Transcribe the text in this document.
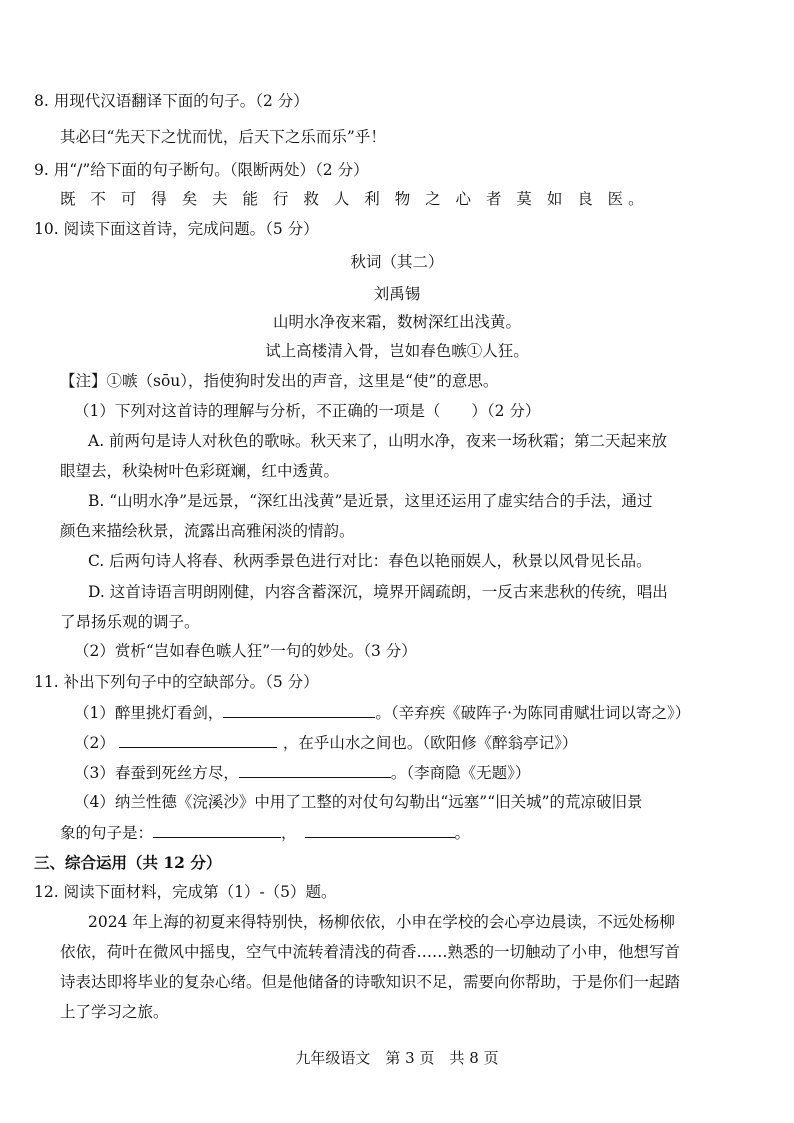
8. 用现代汉语翻译下面的句子。（2 分）
其必曰“先天下之忧而忧，后天下之乐而乐”乎！
9. 用“/”给下面的句子断句。（限断两处）（2 分）
既 不 可 得 矣 夫 能 行 救 人 利 物 之 心 者 莫 如 良 医。
10. 阅读下面这首诗，完成问题。（5 分）
秋词（其二）
刘禹锡
山明水净夜来霜，数树深红出浅黄。
试上高楼清入骨，岂如春色嗾①人狂。
【注】①嗾（sōu），指使狗时发出的声音，这里是“使”的意思。
（1）下列对这首诗的理解与分析，不正确的一项是（　　）（2 分）
A. 前两句是诗人对秋色的歌咏。秋天来了，山明水净，夜来一场秋霜；第二天起来放
眼望去，秋染树叶色彩斑斓，红中透黄。
B. “山明水净”是远景，“深红出浅黄”是近景，这里还运用了虚实结合的手法，通过
颜色来描绘秋景，流露出高雅闲淡的情韵。
C. 后两句诗人将春、秋两季景色进行对比：春色以艳丽娱人，秋景以风骨见长品。
D. 这首诗语言明朗刚健，内容含蓄深沉，境界开阔疏朗，一反古来悲秋的传统，唱出
了昂扬乐观的调子。
（2）赏析“岂如春色嗾人狂”一句的妙处。（3 分）
11. 补出下列句子中的空缺部分。（5 分）
（1）醉里挑灯看剑，	。（辛弃疾《破阵子·为陈同甫赋壮词以寄之》）
（2）	，在乎山水之间也。（欧阳修《醉翁亭记》）
（3）春蚕到死丝方尽，	。（李商隐《无题》）
（4）纳兰性德《浣溪沙》中用了工整的对仗句勾勒出“远塞”“旧关城”的荒凉破旧景
象的句子是：	，	。
三、综合运用（共 12 分）
12. 阅读下面材料，完成第（1）-（5）题。
2024 年上海的初夏来得特别快，杨柳依依，小申在学校的会心亭边晨读，不远处杨柳
依依，荷叶在微风中摇曳，空气中流转着清浅的荷香……熟悉的一切触动了小申，他想写首
诗表达即将毕业的复杂心绪。但是他储备的诗歌知识不足，需要向你帮助，于是你们一起踏
上了学习之旅。
九年级语文　第 3 页　共 8 页
